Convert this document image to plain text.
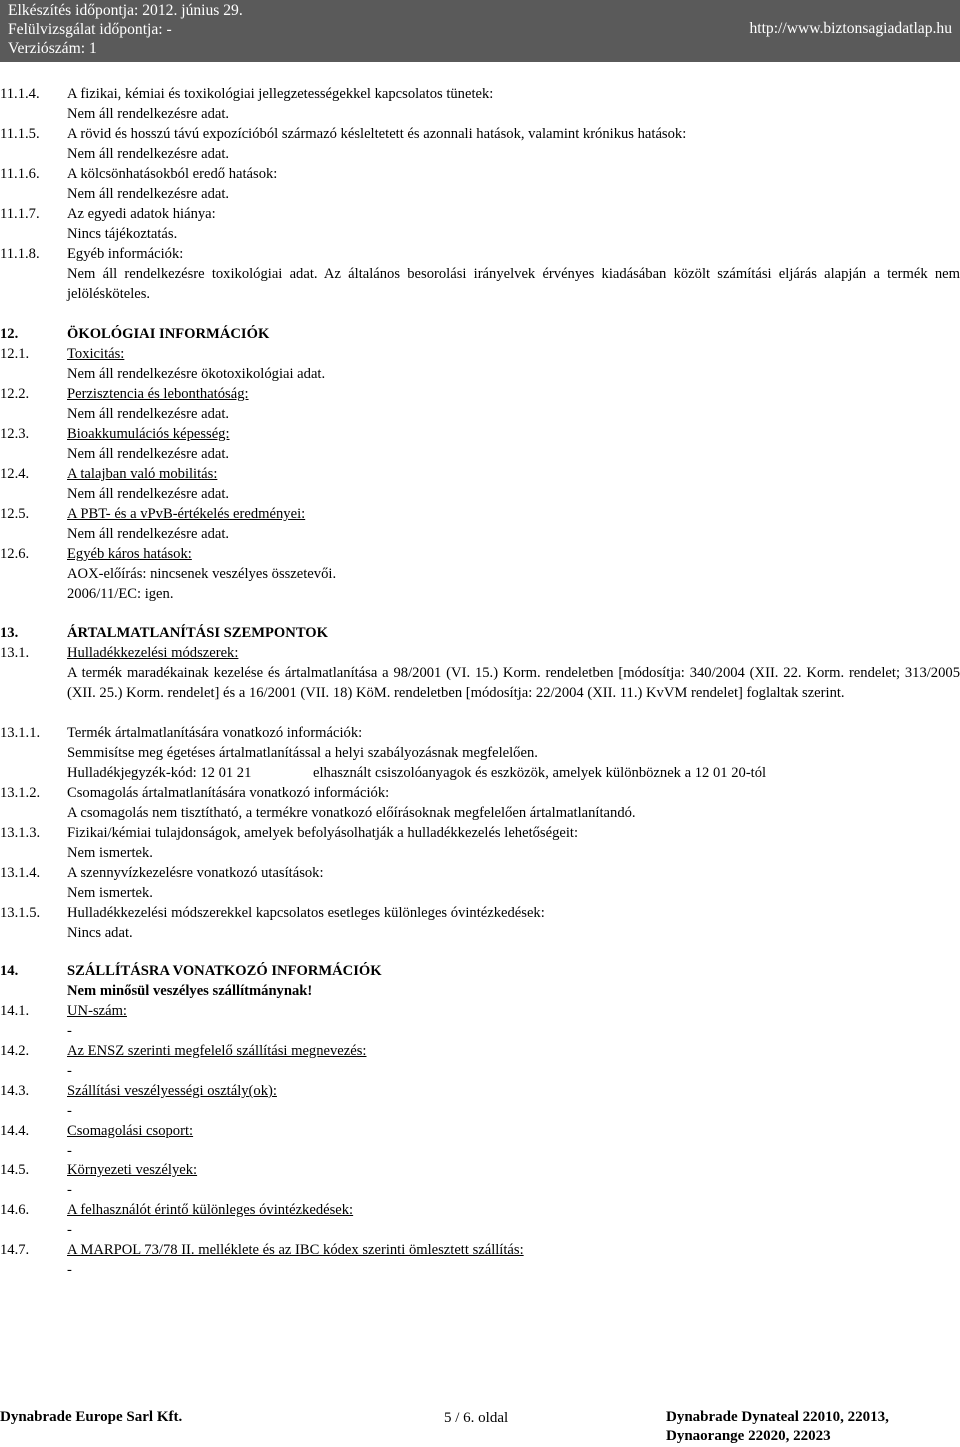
Elkészítés időpontja: 2012. június 29.
Felülvizsgálat időpontja: -
Verziószám: 1
http://www.biztonsagiadatlap.hu
11.1.4.	A fizikai, kémiai és toxikológiai jellegzetességekkel kapcsolatos tünetek:
Nem áll rendelkezésre adat.
11.1.5.	A rövid és hosszú távú expozícióból származó késleltetett és azonnali hatások, valamint krónikus hatások:
Nem áll rendelkezésre adat.
11.1.6.	A kölcsönhatásokból eredő hatások:
Nem áll rendelkezésre adat.
11.1.7.	Az egyedi adatok hiánya:
Nincs tájékoztatás.
11.1.8.	Egyéb információk:
Nem áll rendelkezésre toxikológiai adat. Az általános besorolási irányelvek érvényes kiadásában közölt számítási eljárás alapján a termék nem jelölésköteles.
12.	ÖKOLÓGIAI INFORMÁCIÓK
12.1.	Toxicitás:
Nem áll rendelkezésre ökotoxikológiai adat.
12.2.	Perzisztencia és lebonthatóság:
Nem áll rendelkezésre adat.
12.3.	Bioakkumulációs képesség:
Nem áll rendelkezésre adat.
12.4.	A talajban való mobilitás:
Nem áll rendelkezésre adat.
12.5.	A PBT- és a vPvB-értékelés eredményei:
Nem áll rendelkezésre adat.
12.6.	Egyéb káros hatások:
AOX-előírás: nincsenek veszélyes összetevői.
2006/11/EC: igen.
13.	ÁRTALMATLANÍTÁSI SZEMPONTOK
13.1.	Hulladékkezelési módszerek:
A termék maradékainak kezelése és ártalmatlanítása a 98/2001 (VI. 15.) Korm. rendeletben [módosítja: 340/2004 (XII. 22. Korm. rendelet; 313/2005 (XII. 25.) Korm. rendelet] és a 16/2001 (VII. 18) KöM. rendeletben [módosítja: 22/2004 (XII. 11.) KvVM rendelet] foglaltak szerint.
13.1.1.	Termék ártalmatlanítására vonatkozó információk:
Semmisítse meg égetéses ártalmatlanítással a helyi szabályozásnak megfelelően.
Hulladékjegyzék-kód: 12 01 21	elhasznált csiszolóanyagok és eszközök, amelyek különböznek a 12 01 20-tól
13.1.2.	Csomagolás ártalmatlanítására vonatkozó információk:
A csomagolás nem tisztítható, a termékre vonatkozó előírásoknak megfelelően ártalmatlanítandó.
13.1.3.	Fizikai/kémiai tulajdonságok, amelyek befolyásolhatják a hulladékkezelés lehetőségeit:
Nem ismertek.
13.1.4.	A szennyvízkezelésre vonatkozó utasítások:
Nem ismertek.
13.1.5.	Hulladékkezelési módszerekkel kapcsolatos esetleges különleges óvintézkedések:
Nincs adat.
14.	SZÁLLÍTÁSRA VONATKOZÓ INFORMÁCIÓK
Nem minősül veszélyes szállítmánynak!
14.1.	UN-szám:
-
14.2.	Az ENSZ szerinti megfelelő szállítási megnevezés:
-
14.3.	Szállítási veszélyességi osztály(ok):
-
14.4.	Csomagolási csoport:
-
14.5.	Környezeti veszélyek:
-
14.6.	A felhasználót érintő különleges óvintézkedések:
-
14.7.	A MARPOL 73/78 II. melléklete és az IBC kódex szerinti ömlesztett szállítás:
-
Dynabrade Europe Sarl Kft.	5 / 6. oldal	Dynabrade Dynateal 22010, 22013,
Dynaorange 22020, 22023
